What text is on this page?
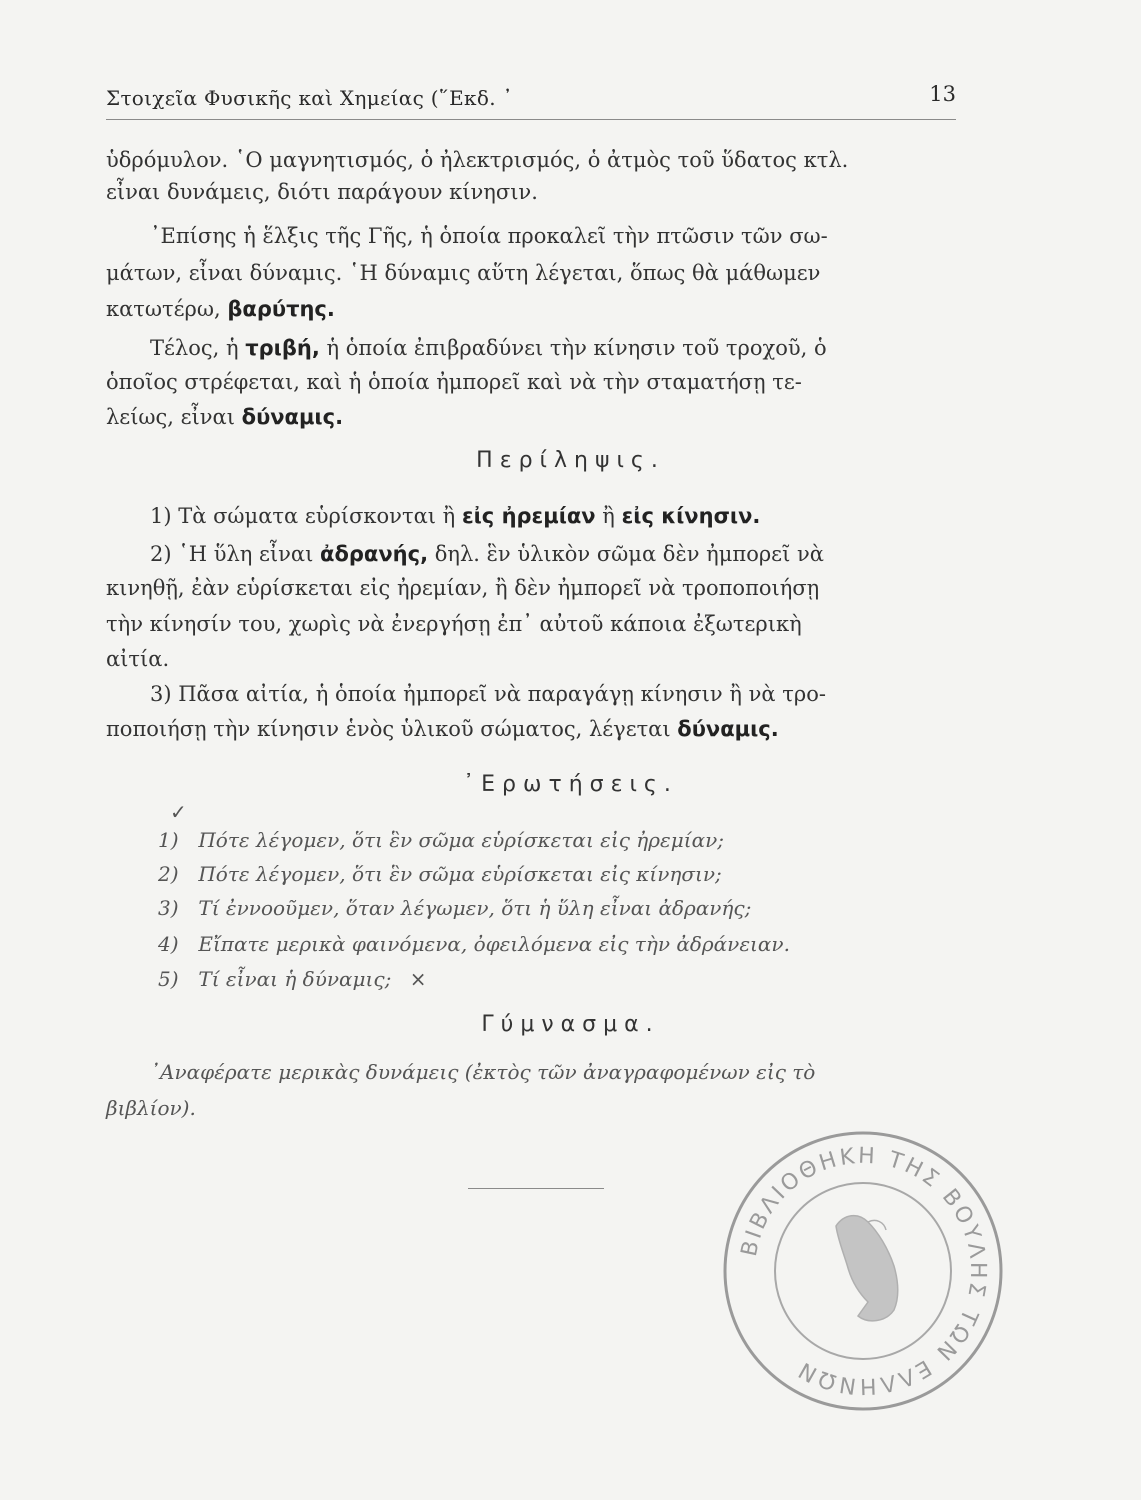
Στοιχεῖα Φυσικῆς καὶ Χημείας (῞Εκδ. ᾽	13
ὑδρόμυλον. ῾Ο μαγνητισμός, ὁ ἠλεκτρισμός, ὁ ἀτμὸς τοῦ ὕδατος κτλ.
εἶναι δυνάμεις, διότι παράγουν κίνησιν.
᾽Επίσης ἡ ἕλξις τῆς Γῆς, ἡ ὁποία προκαλεῖ τὴν πτῶσιν τῶν σω-
μάτων, εἶναι δύναμις. ῾Η δύναμις αὕτη λέγεται, ὅπως θὰ μάθωμεν
κατωτέρω, βαρύτης.
Τέλος, ἡ τριβή, ἡ ὁποία ἐπιβραδύνει τὴν κίνησιν τοῦ τροχοῦ, ὁ
ὁποῖος στρέφεται, καὶ ἡ ὁποία ἠμπορεῖ καὶ νὰ τὴν σταματήσῃ τε-
λείως, εἶναι δύναμις.
Περίληψις.
1) Τὰ σώματα εὑρίσκονται ἢ εἰς ἠρεμίαν ἢ εἰς κίνησιν.
2) ῾Η ὕλη εἶναι ἀδρανής, δηλ. ἓν ὑλικὸν σῶμα δὲν ἠμπορεῖ νὰ
κινηθῇ, ἐὰν εὑρίσκεται εἰς ἠρεμίαν, ἢ δὲν ἠμπορεῖ νὰ τροποποιήσῃ
τὴν κίνησίν του, χωρὶς νὰ ἐνεργήσῃ ἐπ᾽ αὐτοῦ κάποια ἐξωτερικὴ
αἰτία.
3) Πᾶσα αἰτία, ἡ ὁποία ἠμπορεῖ νὰ παραγάγῃ κίνησιν ἢ νὰ τρο-
ποποιήσῃ τὴν κίνησιν ἑνὸς ὑλικοῦ σώματος, λέγεται δύναμις.
᾽Ερωτήσεις.
✓
1) Πότε λέγομεν, ὅτι ἓν σῶμα εὑρίσκεται εἰς ἠρεμίαν;
2) Πότε λέγομεν, ὅτι ἓν σῶμα εὑρίσκεται εἰς κίνησιν;
3) Τί ἐννοοῦμεν, ὅταν λέγωμεν, ὅτι ἡ ὕλη εἶναι ἀδρανής;
4) Εἴπατε μερικὰ φαινόμενα, ὀφειλόμενα εἰς τὴν ἀδράνειαν.
5) Τί εἶναι ἡ δύναμις; ×
Γύμνασμα.
᾽Αναφέρατε μερικὰς δυνάμεις (ἐκτὸς τῶν ἀναγραφομένων εἰς τὸ
βιβλίον).
ΒΙΒΛΙΟΘΗΚΗ ΤΗΣ ΒΟΥΛΗΣ ΤΩΝ ΕΛΛΗΝΩΝ
